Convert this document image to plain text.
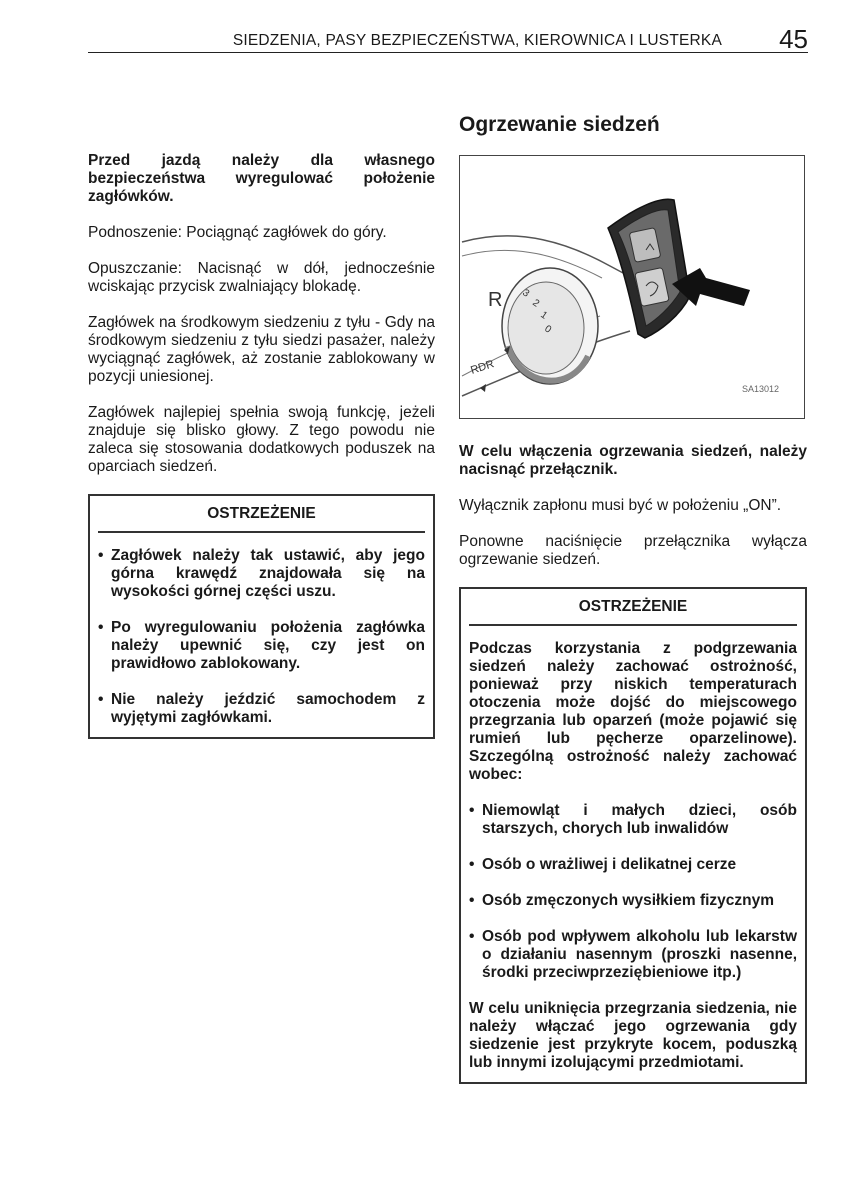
SIEDZENIA, PASY BEZPIECZEŃSTWA, KIEROWNICA I LUSTERKA 45

Przed jazdą należy dla własnego bezpieczeństwa wyregulować położenie zagłówków.

Podnoszenie: Pociągnąć zagłówek do góry.

Opuszczanie: Nacisnąć w dół, jednocześnie wciskając przycisk zwalniający blokadę.

Zagłówek na środkowym siedzeniu z tyłu - Gdy na środkowym siedzeniu z tyłu siedzi pasażer, należy wyciągnąć zagłówek, aż zostanie zablokowany w pozycji uniesionej.

Zagłówek najlepiej spełnia swoją funkcję, jeżeli znajduje się blisko głowy. Z tego powodu nie zaleca się stosowania dodatkowych poduszek na oparciach siedzeń.

OSTRZEŻENIE
• Zagłówek należy tak ustawić, aby jego górna krawędź znajdowała się na wysokości górnej części uszu.
• Po wyregulowaniu położenia zagłówka należy upewnić się, czy jest on prawidłowo zablokowany.
• Nie należy jeździć samochodem z wyjętymi zagłówkami.
Ogrzewanie siedzeń
3
2
1
0
R
RDR
SA13012

W celu włączenia ogrzewania siedzeń, należy nacisnąć przełącznik.

Wyłącznik zapłonu musi być w położeniu „ON”.

Ponowne naciśnięcie przełącznika wyłącza ogrzewanie siedzeń.

OSTRZEŻENIE

Podczas korzystania z podgrzewania siedzeń należy zachować ostrożność, ponieważ przy niskich temperaturach otoczenia może dojść do miejscowego przegrzania lub oparzeń (może pojawić się rumień lub pęcherze oparzelinowe). Szczególną ostrożność należy zachować wobec:

• Niemowląt i małych dzieci, osób starszych, chorych lub inwalidów
• Osób o wrażliwej i delikatnej cerze
• Osób zmęczonych wysiłkiem fizycznym
• Osób pod wpływem alkoholu lub lekarstw o działaniu nasennym (proszki nasenne, środki przeciwprzeziębieniowe itp.)

W celu uniknięcia przegrzania siedzenia, nie należy włączać jego ogrzewania gdy siedzenie jest przykryte kocem, poduszką lub innymi izolującymi przedmiotami.
